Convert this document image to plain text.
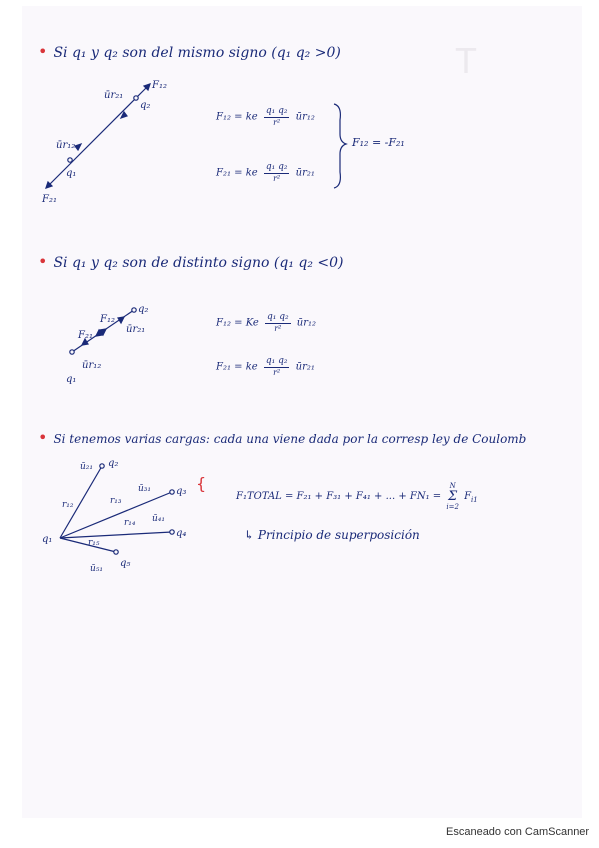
T
• Si q₁ y q₂ son del mismo signo (q₁ q₂ >0)
F₁₂
ūr₂₁
q₂
ūr₁₂
q₁
F₂₁
F₁₂ = ke $\frac{\text{q₁ q₂}}{\text{r²}}$ ūr₁₂
F₂₁ = ke $\frac{\text{q₁ q₂}}{\text{r²}}$ ūr₂₁
F₁₂ = -F₂₁
• Si q₁ y q₂ son de distinto signo (q₁ q₂ <0)
q₂
F₁₂
ūr₂₁
F₂₁
ūr₁₂
q₁
F₁₂ = Ke $\frac{\text{q₁ q₂}}{\text{r²}}$ ūr₁₂
F₂₁ = ke $\frac{\text{q₁ q₂}}{\text{r²}}$ ūr₂₁
• Si tenemos varias cargas: cada una viene dada por la corresp ley de Coulomb
ū₂₁ q₂
r₁₂
ū₃₁ q₃
r₁₃
r₁₄ ū₄₁
q₄
q₁	r₁₅
ū₅₁ q₅
{
F₁TOTAL = F₂₁ + F₃₁ + F₄₁ + ... + FN₁ =
N
Σ
i=2
$F_{i1}$
↳ Principio de superposición
Escaneado con CamScanner
